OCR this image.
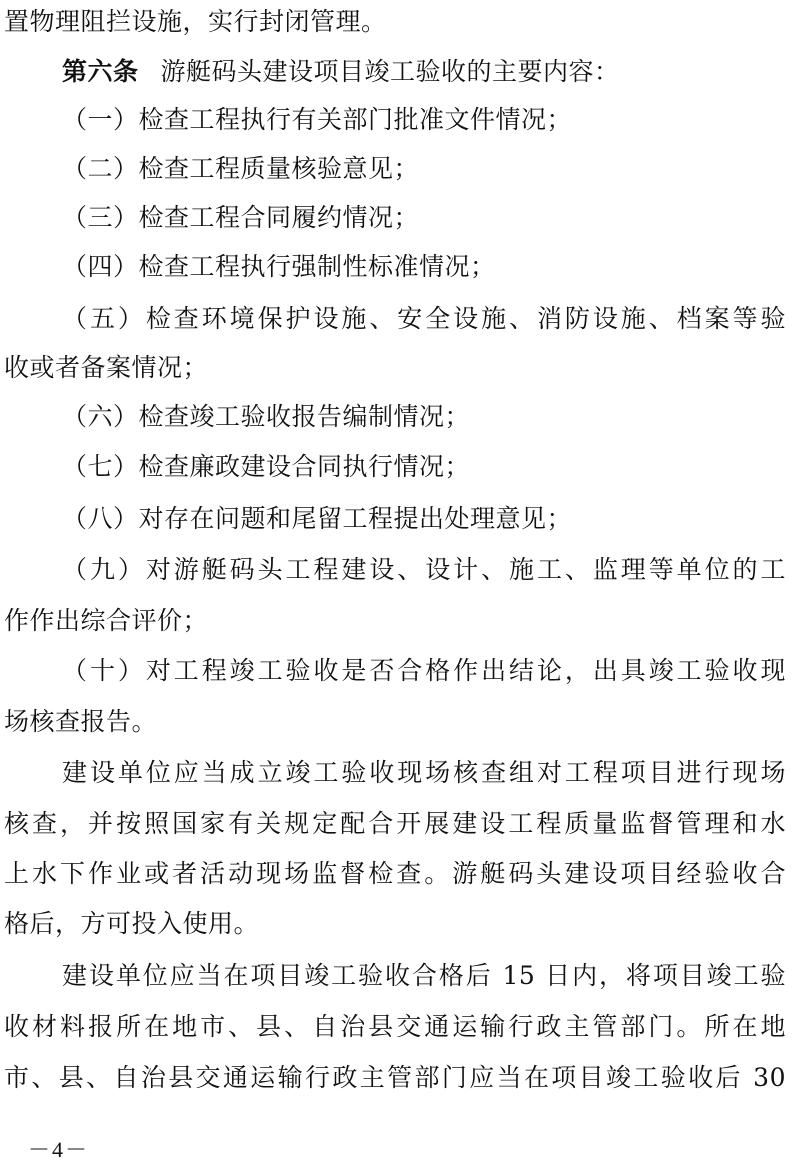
置物理阻拦设施，实行封闭管理。
第六条 游艇码头建设项目竣工验收的主要内容：
（一）检查工程执行有关部门批准文件情况；
（二）检查工程质量核验意见；
（三）检查工程合同履约情况；
（四）检查工程执行强制性标准情况；
（五）检查环境保护设施、安全设施、消防设施、档案等验
收或者备案情况；
（六）检查竣工验收报告编制情况；
（七）检查廉政建设合同执行情况；
（八）对存在问题和尾留工程提出处理意见；
（九）对游艇码头工程建设、设计、施工、监理等单位的工
作作出综合评价；
（十）对工程竣工验收是否合格作出结论，出具竣工验收现
场核查报告。
建设单位应当成立竣工验收现场核查组对工程项目进行现场
核查，并按照国家有关规定配合开展建设工程质量监督管理和水
上水下作业或者活动现场监督检查。游艇码头建设项目经验收合
格后，方可投入使用。
建设单位应当在项目竣工验收合格后 15 日内，将项目竣工验
收材料报所在地市、县、自治县交通运输行政主管部门。所在地
市、县、自治县交通运输行政主管部门应当在项目竣工验收后 30
－4－
